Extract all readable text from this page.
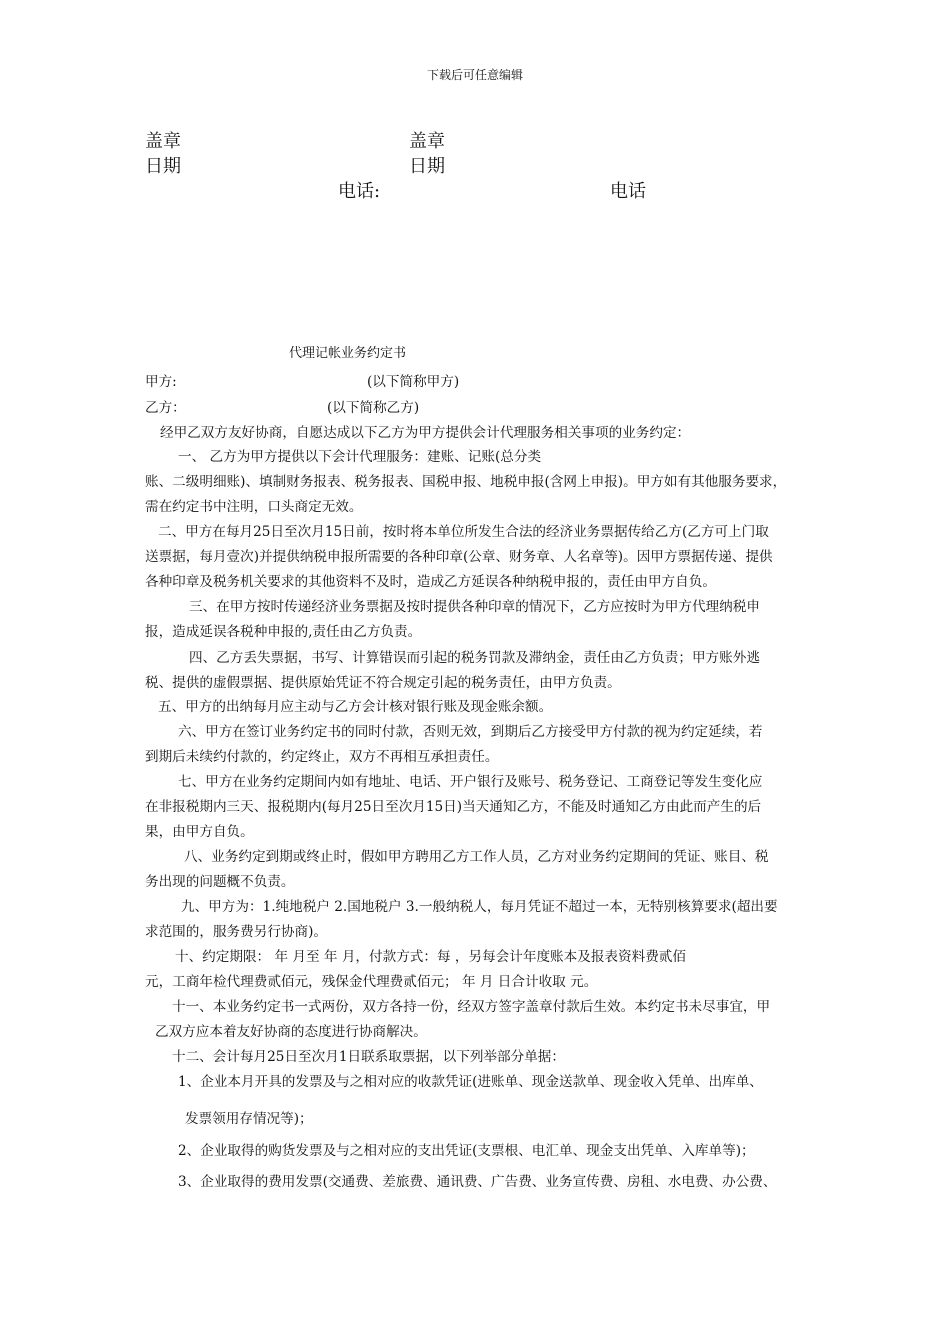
下载后可任意编辑
盖章	盖章
日期	日期
电话:	电话
代理记帐业务约定书
甲方:	(以下简称甲方)
乙方：	(以下简称乙方)
经甲乙双方友好协商，自愿达成以下乙方为甲方提供会计代理服务相关事项的业务约定：
一、 乙方为甲方提供以下会计代理服务：建账、记账(总分类
账、二级明细账)、填制财务报表、税务报表、国税申报、地税申报(含网上申报)。甲方如有其他服务要求，
需在约定书中注明，口头商定无效。
二、甲方在每月25日至次月15日前，按时将本单位所发生合法的经济业务票据传给乙方(乙方可上门取
送票据，每月壹次)并提供纳税申报所需要的各种印章(公章、财务章、人名章等)。因甲方票据传递、提供
各种印章及税务机关要求的其他资料不及时，造成乙方延误各种纳税申报的，责任由甲方自负。
三、在甲方按时传递经济业务票据及按时提供各种印章的情况下，乙方应按时为甲方代理纳税申
报，造成延误各税种申报的,责任由乙方负责。
四、乙方丢失票据，书写、计算错误而引起的税务罚款及滞纳金，责任由乙方负责；甲方账外逃
税、提供的虚假票据、提供原始凭证不符合规定引起的税务责任，由甲方负责。
五、甲方的出纳每月应主动与乙方会计核对银行账及现金账余额。
六、甲方在签订业务约定书的同时付款，否则无效，到期后乙方接受甲方付款的视为约定延续，若
到期后未续约付款的，约定终止，双方不再相互承担责任。
七、甲方在业务约定期间内如有地址、电话、开户银行及账号、税务登记、工商登记等发生变化应
在非报税期内三天、报税期内(每月25日至次月15日)当天通知乙方，不能及时通知乙方由此而产生的后
果，由甲方自负。
八、业务约定到期或终止时，假如甲方聘用乙方工作人员，乙方对业务约定期间的凭证、账目、税
务出现的问题概不负责。
九、甲方为：1.纯地税户 2.国地税户 3.一般纳税人，每月凭证不超过一本，无特别核算要求(超出要
求范围的，服务费另行协商)。
十、约定期限： 年 月至 年 月，付款方式：每 ，另每会计年度账本及报表资料费贰佰
元，工商年检代理费贰佰元，残保金代理费贰佰元； 年 月 日合计收取 元。
十一、本业务约定书一式两份，双方各持一份，经双方签字盖章付款后生效。本约定书未尽事宜，甲
乙双方应本着友好协商的态度进行协商解决。
十二、会计每月25日至次月1日联系取票据，以下列举部分单据：
1、企业本月开具的发票及与之相对应的收款凭证(进账单、现金送款单、现金收入凭单、出库单、
发票领用存情况等)；
2、企业取得的购货发票及与之相对应的支出凭证(支票根、电汇单、现金支出凭单、入库单等)；
3、企业取得的费用发票(交通费、差旅费、通讯费、广告费、业务宣传费、房租、水电费、办公费、
